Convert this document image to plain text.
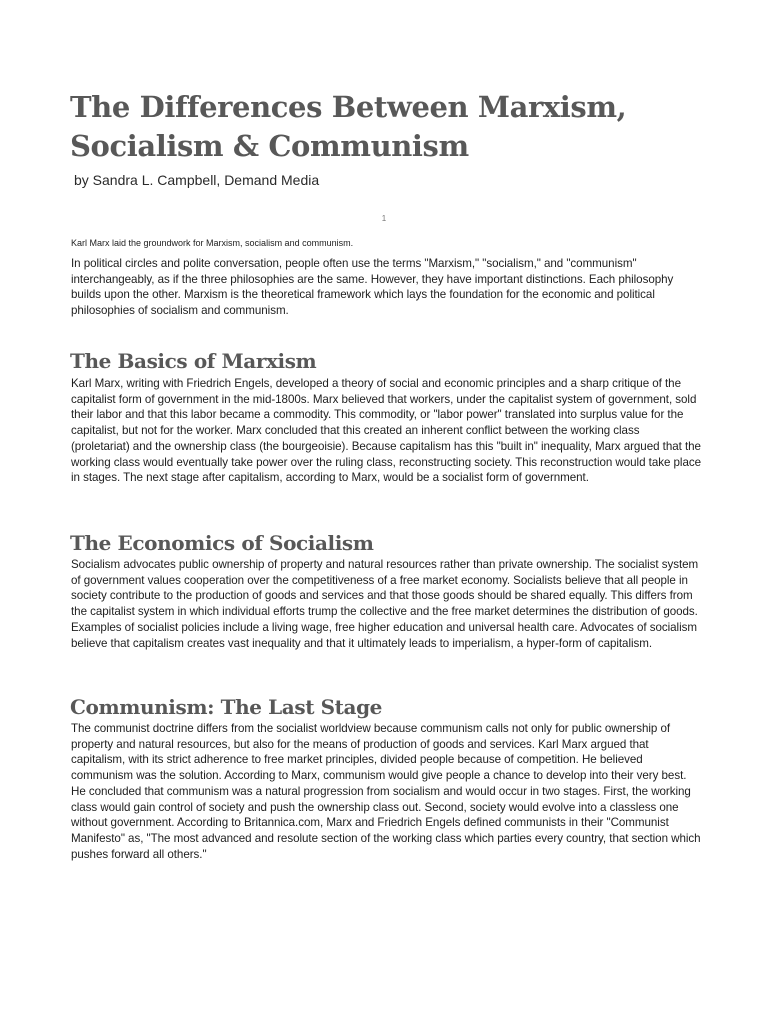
The Differences Between Marxism, Socialism & Communism
by Sandra L. Campbell, Demand Media
1
Karl Marx laid the groundwork for Marxism, socialism and communism.

In political circles and polite conversation, people often use the terms "Marxism," "socialism," and "communism" interchangeably, as if the three philosophies are the same. However, they have important distinctions. Each philosophy builds upon the other. Marxism is the theoretical framework which lays the foundation for the economic and political philosophies of socialism and communism.

The Basics of Marxism

Karl Marx, writing with Friedrich Engels, developed a theory of social and economic principles and a sharp critique of the capitalist form of government in the mid-1800s. Marx believed that workers, under the capitalist system of government, sold their labor and that this labor became a commodity. This commodity, or "labor power" translated into surplus value for the capitalist, but not for the worker. Marx concluded that this created an inherent conflict between the working class (proletariat) and the ownership class (the bourgeoisie). Because capitalism has this "built in" inequality, Marx argued that the working class would eventually take power over the ruling class, reconstructing society. This reconstruction would take place in stages. The next stage after capitalism, according to Marx, would be a socialist form of government.

The Economics of Socialism

Socialism advocates public ownership of property and natural resources rather than private ownership. The socialist system of government values cooperation over the competitiveness of a free market economy. Socialists believe that all people in society contribute to the production of goods and services and that those goods should be shared equally. This differs from the capitalist system in which individual efforts trump the collective and the free market determines the distribution of goods. Examples of socialist policies include a living wage, free higher education and universal health care. Advocates of socialism believe that capitalism creates vast inequality and that it ultimately leads to imperialism, a hyper-form of capitalism.

Communism: The Last Stage

The communist doctrine differs from the socialist worldview because communism calls not only for public ownership of property and natural resources, but also for the means of production of goods and services. Karl Marx argued that capitalism, with its strict adherence to free market principles, divided people because of competition. He believed communism was the solution. According to Marx, communism would give people a chance to develop into their very best. He concluded that communism was a natural progression from socialism and would occur in two stages. First, the working class would gain control of society and push the ownership class out. Second, society would evolve into a classless one without government. According to Britannica.com, Marx and Friedrich Engels defined communists in their "Communist Manifesto" as, "The most advanced and resolute section of the working class which parties every country, that section which pushes forward all others."
